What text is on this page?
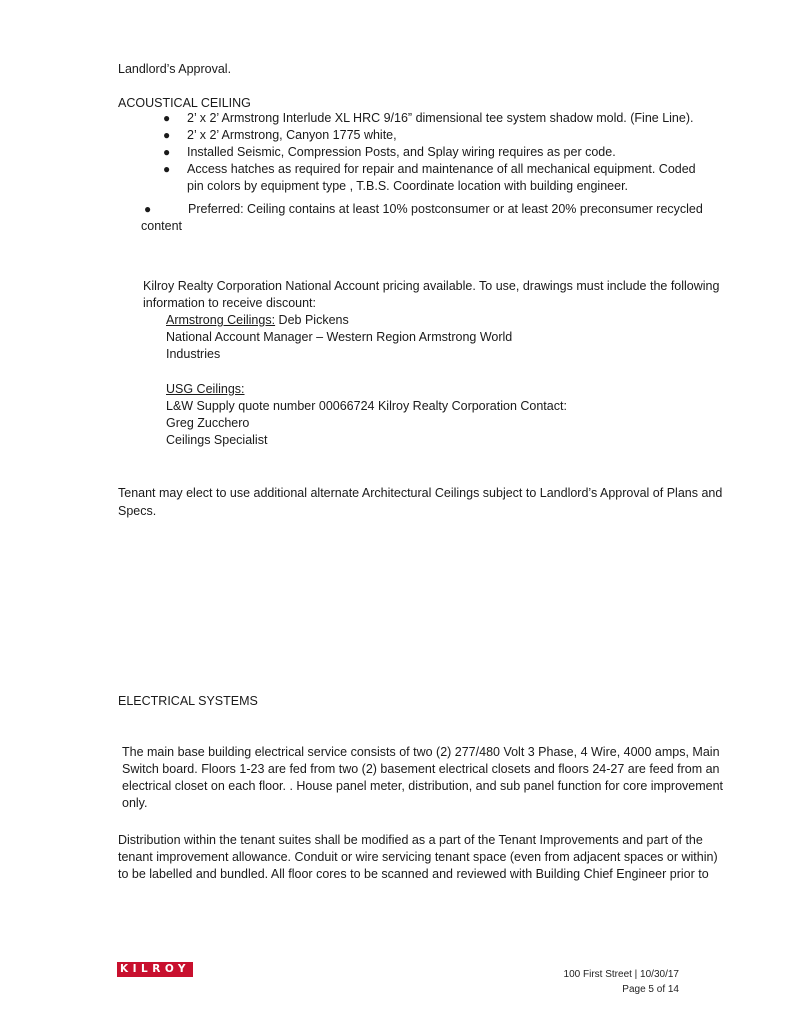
Landlord’s Approval.
ACOUSTICAL CEILING
● 2’ x 2’ Armstrong Interlude XL HRC 9/16” dimensional tee system shadow mold. (Fine Line).
● 2’ x 2’ Armstrong, Canyon 1775 white,
● Installed Seismic, Compression Posts, and Splay wiring requires as per code.
● Access hatches as required for repair and maintenance of all mechanical equipment. Coded
pin colors by equipment type , T.B.S. Coordinate location with building engineer.
●	Preferred: Ceiling contains at least 10% postconsumer or at least 20% preconsumer recycled
content
Kilroy Realty Corporation National Account pricing available. To use, drawings must include the following
information to receive discount:
Armstrong Ceilings: Deb Pickens
National Account Manager – Western Region Armstrong World
Industries
USG Ceilings:
L&W Supply quote number 00066724 Kilroy Realty Corporation Contact:
Greg Zucchero
Ceilings Specialist
Tenant may elect to use additional alternate Architectural Ceilings subject to Landlord’s Approval of Plans and
Specs.
ELECTRICAL SYSTEMS
The main base building electrical service consists of two (2) 277/480 Volt 3 Phase, 4 Wire, 4000 amps, Main
Switch board. Floors 1-23 are fed from two (2) basement electrical closets and floors 24-27 are feed from an
electrical closet on each floor. . House panel meter, distribution, and sub panel function for core improvement
only.
Distribution within the tenant suites shall be modified as a part of the Tenant Improvements and part of the
tenant improvement allowance. Conduit or wire servicing tenant space (even from adjacent spaces or within)
to be labelled and bundled. All floor cores to be scanned and reviewed with Building Chief Engineer prior to
KILROY	100 First Street | 10/30/17
Page 5 of 14
